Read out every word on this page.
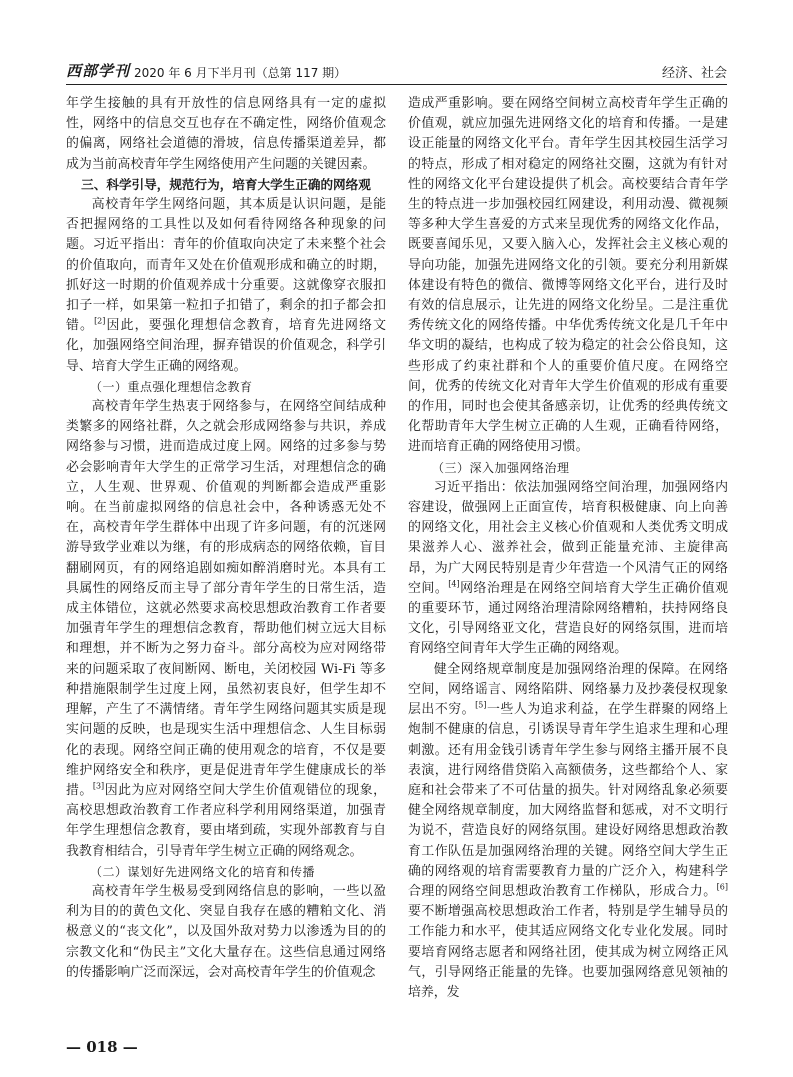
西部学刊 2020 年 6 月下半月刊（总第 117 期）	经济、社会

年学生接触的具有开放性的信息网络具有一定的虚拟性，网络中的信息交互也存在不确定性，网络价值观念的偏离，网络社会道德的滑坡，信息传播渠道差异，都成为当前高校青年学生网络使用产生问题的关键因素。

三、科学引导，规范行为，培育大学生正确的网络观

高校青年学生网络问题，其本质是认识问题，是能否把握网络的工具性以及如何看待网络各种现象的问题。习近平指出：青年的价值取向决定了未来整个社会的价值取向，而青年又处在价值观形成和确立的时期，抓好这一时期的价值观养成十分重要。这就像穿衣服扣扣子一样，如果第一粒扣子扣错了，剩余的扣子都会扣错。[2]因此，要强化理想信念教育，培育先进网络文化，加强网络空间治理，摒弃错误的价值观念，科学引导、培育大学生正确的网络观。

（一）重点强化理想信念教育

高校青年学生热衷于网络参与，在网络空间结成种类繁多的网络社群，久之就会形成网络参与共识，养成网络参与习惯，进而造成过度上网。网络的过多参与势必会影响青年大学生的正常学习生活，对理想信念的确立，人生观、世界观、价值观的判断都会造成严重影响。在当前虚拟网络的信息社会中，各种诱惑无处不在，高校青年学生群体中出现了许多问题，有的沉迷网游导致学业难以为继，有的形成病态的网络依赖，盲目翻刷网页，有的网络追剧如痴如醉消磨时光。本具有工具属性的网络反而主导了部分青年学生的日常生活，造成主体错位，这就必然要求高校思想政治教育工作者要加强青年学生的理想信念教育，帮助他们树立远大目标和理想，并不断为之努力奋斗。部分高校为应对网络带来的问题采取了夜间断网、断电，关闭校园 Wi-Fi 等多种措施限制学生过度上网，虽然初衷良好，但学生却不理解，产生了不满情绪。青年学生网络问题其实质是现实问题的反映，也是现实生活中理想信念、人生目标弱化的表现。网络空间正确的使用观念的培育，不仅是要维护网络安全和秩序，更是促进青年学生健康成长的举措。[3]因此为应对网络空间大学生价值观错位的现象，高校思想政治教育工作者应科学利用网络渠道，加强青年学生理想信念教育，要由堵到疏，实现外部教育与自我教育相结合，引导青年学生树立正确的网络观念。

（二）谋划好先进网络文化的培育和传播

高校青年学生极易受到网络信息的影响，一些以盈利为目的的黄色文化、突显自我存在感的糟粕文化、消极意义的“丧文化”，以及国外敌对势力以渗透为目的的宗教文化和“伪民主”文化大量存在。这些信息通过网络的传播影响广泛而深远，会对高校青年学生的价值观念

造成严重影响。要在网络空间树立高校青年学生正确的价值观，就应加强先进网络文化的培育和传播。一是建设正能量的网络文化平台。青年学生因其校园生活学习的特点，形成了相对稳定的网络社交圈，这就为有针对性的网络文化平台建设提供了机会。高校要结合青年学生的特点进一步加强校园红网建设，利用动漫、微视频等多种大学生喜爱的方式来呈现优秀的网络文化作品，既要喜闻乐见，又要入脑入心，发挥社会主义核心观的导向功能，加强先进网络文化的引领。要充分利用新媒体建设有特色的微信、微博等网络文化平台，进行及时有效的信息展示，让先进的网络文化纷呈。二是注重优秀传统文化的网络传播。中华优秀传统文化是几千年中华文明的凝结，也构成了较为稳定的社会公俗良知，这些形成了约束社群和个人的重要价值尺度。在网络空间，优秀的传统文化对青年大学生价值观的形成有重要的作用，同时也会使其备感亲切，让优秀的经典传统文化帮助青年大学生树立正确的人生观，正确看待网络，进而培育正确的网络使用习惯。

（三）深入加强网络治理

习近平指出：依法加强网络空间治理，加强网络内容建设，做强网上正面宣传，培育积极健康、向上向善的网络文化，用社会主义核心价值观和人类优秀文明成果滋养人心、滋养社会，做到正能量充沛、主旋律高昂，为广大网民特别是青少年营造一个风清气正的网络空间。[4]网络治理是在网络空间培育大学生正确价值观的重要环节，通过网络治理清除网络糟粕，扶持网络良文化，引导网络亚文化，营造良好的网络氛围，进而培育网络空间青年大学生正确的网络观。

健全网络规章制度是加强网络治理的保障。在网络空间，网络谣言、网络陷阱、网络暴力及抄袭侵权现象层出不穷。[5]一些人为追求利益，在学生群聚的网络上炮制不健康的信息，引诱误导青年学生追求生理和心理刺激。还有用金钱引诱青年学生参与网络主播开展不良表演，进行网络借贷陷入高额债务，这些都给个人、家庭和社会带来了不可估量的损失。针对网络乱象必须要健全网络规章制度，加大网络监督和惩戒，对不文明行为说不，营造良好的网络氛围。建设好网络思想政治教育工作队伍是加强网络治理的关键。网络空间大学生正确的网络观的培育需要教育力量的广泛介入，构建科学合理的网络空间思想政治教育工作梯队，形成合力。[6]要不断增强高校思想政治工作者，特别是学生辅导员的工作能力和水平，使其适应网络文化专业化发展。同时要培育网络志愿者和网络社团，使其成为树立网络正风气，引导网络正能量的先锋。也要加强网络意见领袖的培养，发

— 018 —
